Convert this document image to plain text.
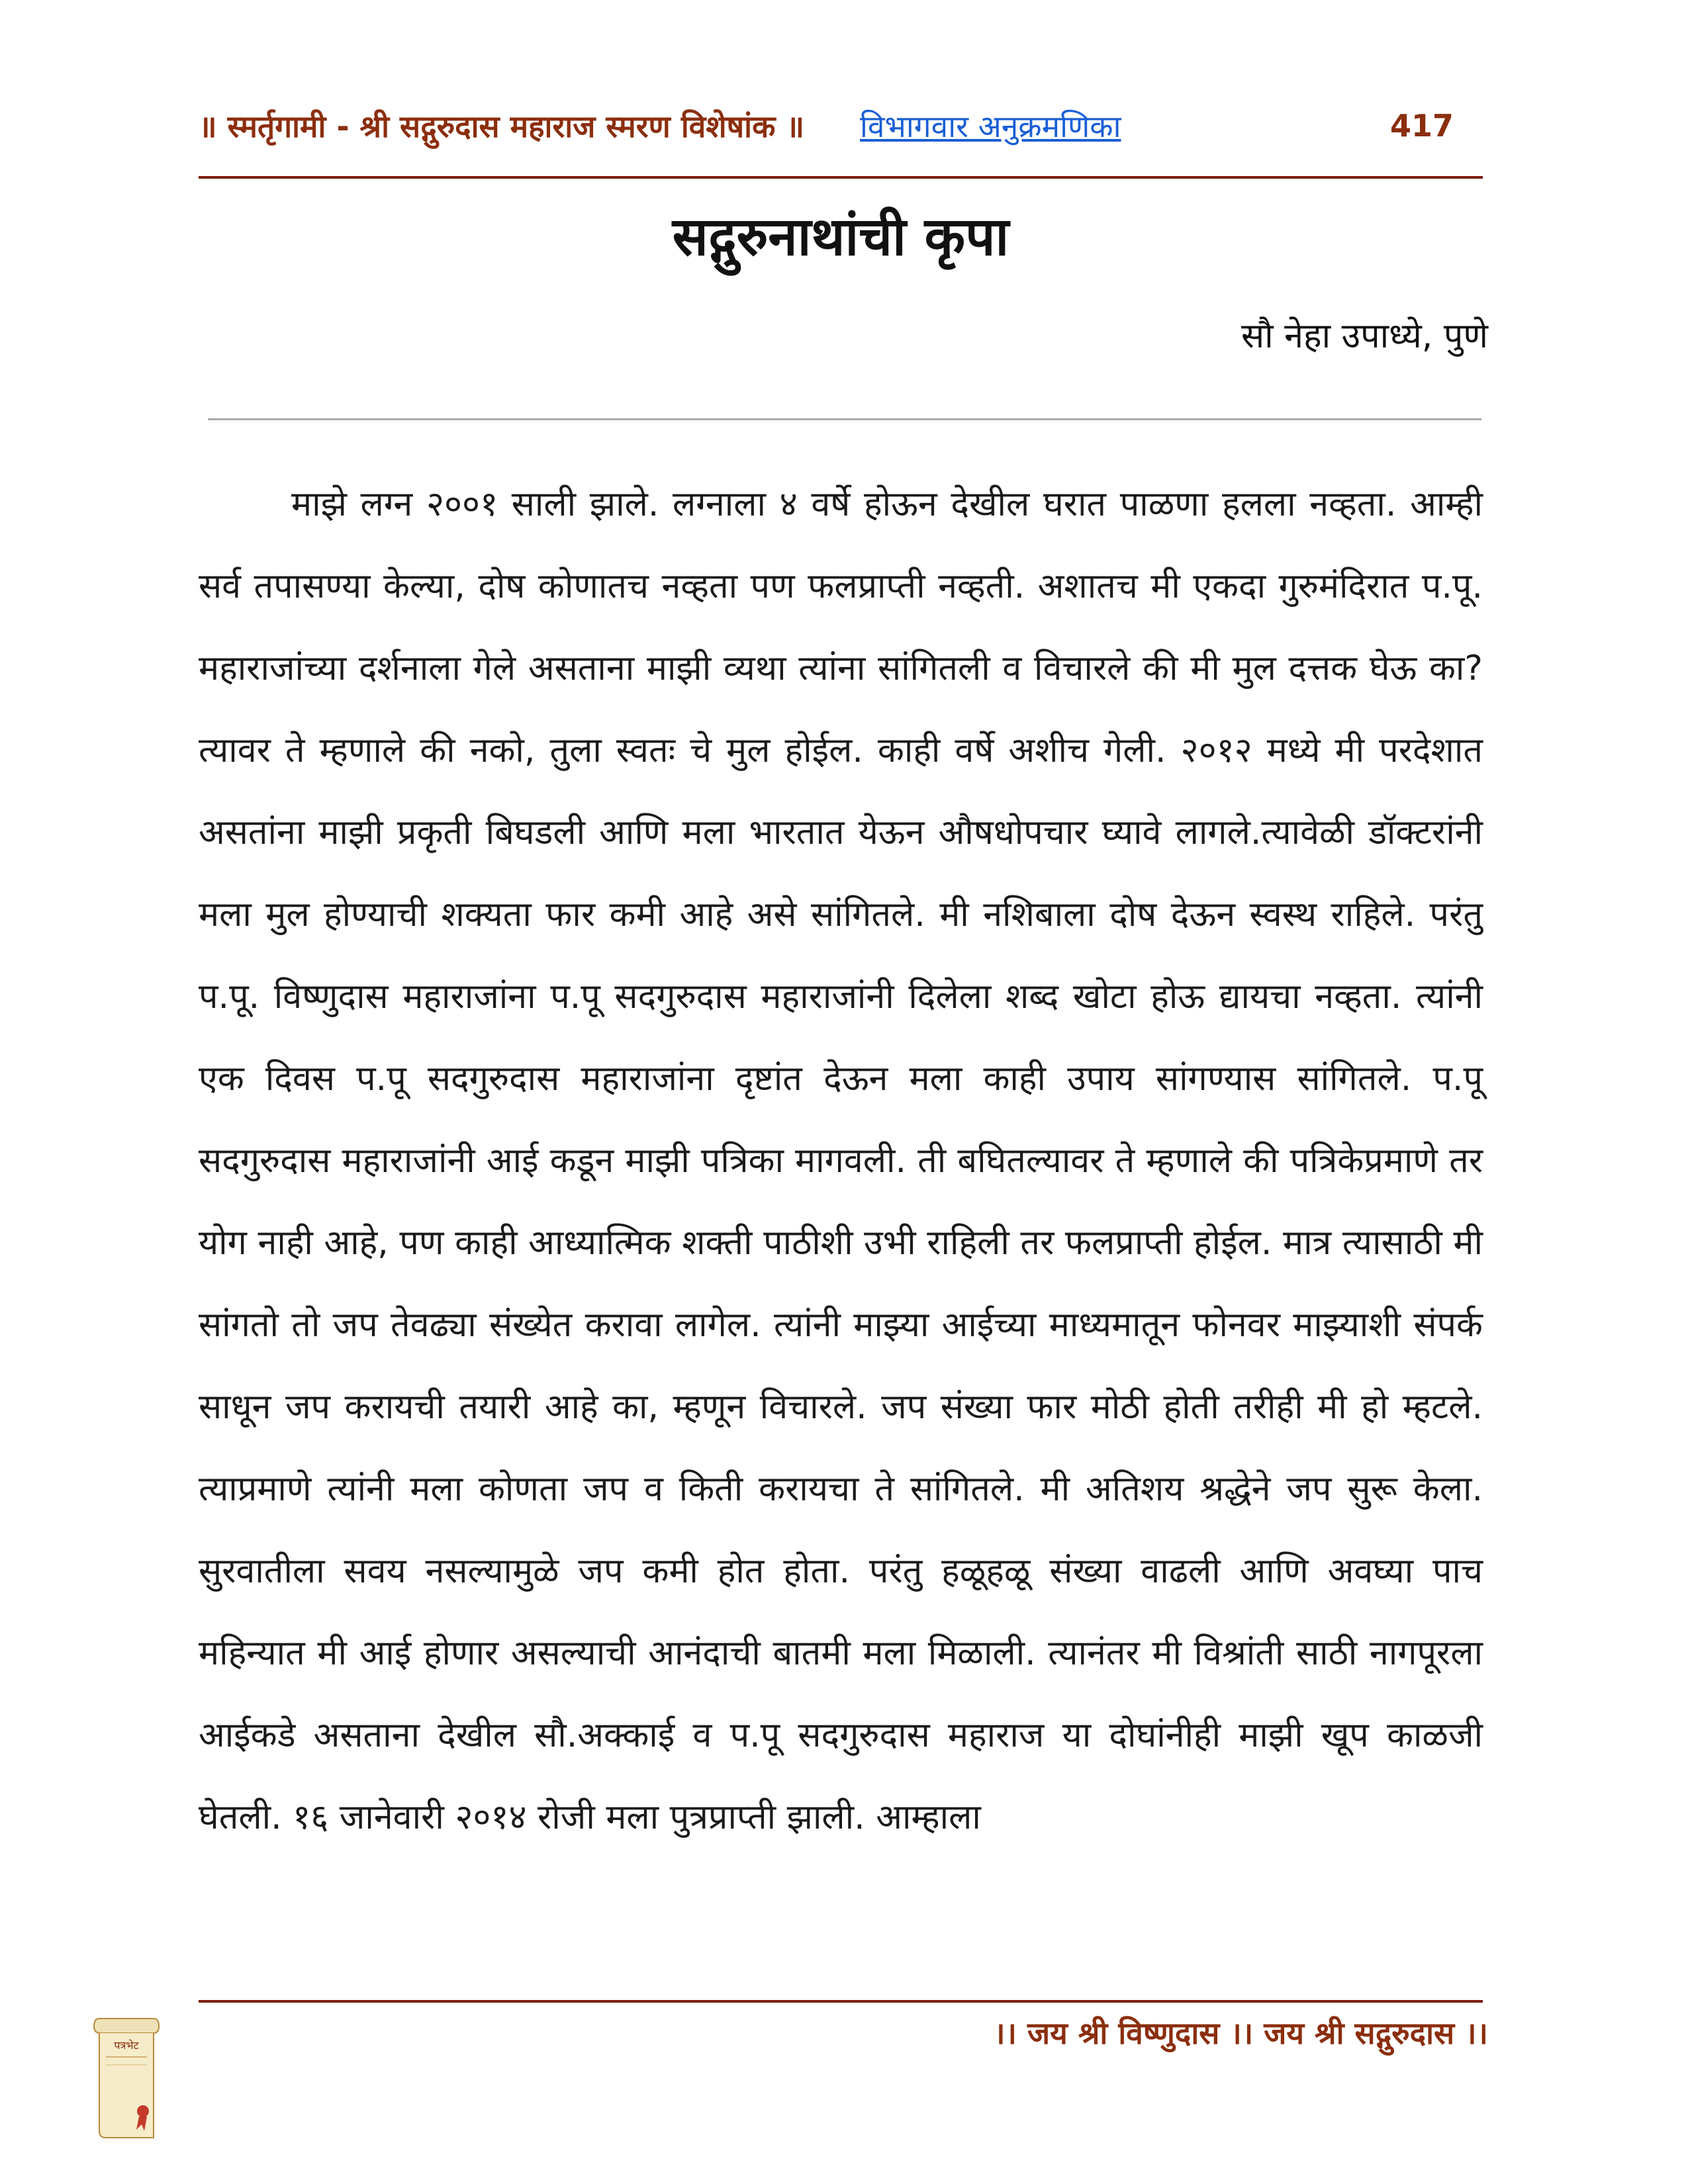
॥ स्मर्तृगामी - श्री सद्गुरुदास महाराज स्मरण विशेषांक ॥ विभागवार अनुक्रमणिका	417
सद्गुरुनाथांची कृपा
सौ नेहा उपाध्ये, पुणे

माझे लग्न २००१ साली झाले. लग्नाला ४ वर्षे होऊन देखील घरात पाळणा हलला नव्हता. आम्ही सर्व तपासण्या केल्या, दोष कोणातच नव्हता पण फलप्राप्ती नव्हती. अशातच मी एकदा गुरुमंदिरात प.पू. महाराजांच्या दर्शनाला गेले असताना माझी व्यथा त्यांना सांगितली व विचारले की मी मुल दत्तक घेऊ का? त्यावर ते म्हणाले की नको, तुला स्वतः चे मुल होईल. काही वर्षे अशीच गेली. २०१२ मध्ये मी परदेशात असतांना माझी प्रकृती बिघडली आणि मला भारतात येऊन औषधोपचार घ्यावे लागले.त्यावेळी डॉक्टरांनी मला मुल होण्याची शक्यता फार कमी आहे असे सांगितले. मी नशिबाला दोष देऊन स्वस्थ राहिले. परंतु प.पू. विष्णुदास महाराजांना प.पू सदगुरुदास महाराजांनी दिलेला शब्द खोटा होऊ द्यायचा नव्हता. त्यांनी एक दिवस प.पू सदगुरुदास महाराजांना दृष्टांत देऊन मला काही उपाय सांगण्यास सांगितले. प.पू सदगुरुदास महाराजांनी आई कडून माझी पत्रिका मागवली. ती बघितल्यावर ते म्हणाले की पत्रिकेप्रमाणे तर योग नाही आहे, पण काही आध्यात्मिक शक्ती पाठीशी उभी राहिली तर फलप्राप्ती होईल. मात्र त्यासाठी मी सांगतो तो जप तेवढ्या संख्येत करावा लागेल. त्यांनी माझ्या आईच्या माध्यमातून फोनवर माझ्याशी संपर्क साधून जप करायची तयारी आहे का, म्हणून विचारले. जप संख्या फार मोठी होती तरीही मी हो म्हटले. त्याप्रमाणे त्यांनी मला कोणता जप व किती करायचा ते सांगितले. मी अतिशय श्रद्धेने जप सुरू केला. सुरवातीला सवय नसल्यामुळे जप कमी होत होता. परंतु हळूहळू संख्या वाढली आणि अवघ्या पाच महिन्यात मी आई होणार असल्याची आनंदाची बातमी मला मिळाली. त्यानंतर मी विश्रांती साठी नागपूरला आईकडे असताना देखील सौ.अक्काई व प.पू सदगुरुदास महाराज या दोघांनीही माझी खूप काळजी घेतली. १६ जानेवारी २०१४ रोजी मला पुत्रप्राप्ती झाली. आम्हाला

।। जय श्री विष्णुदास ।। जय श्री सद्गुरुदास ।।
पत्रभेट
